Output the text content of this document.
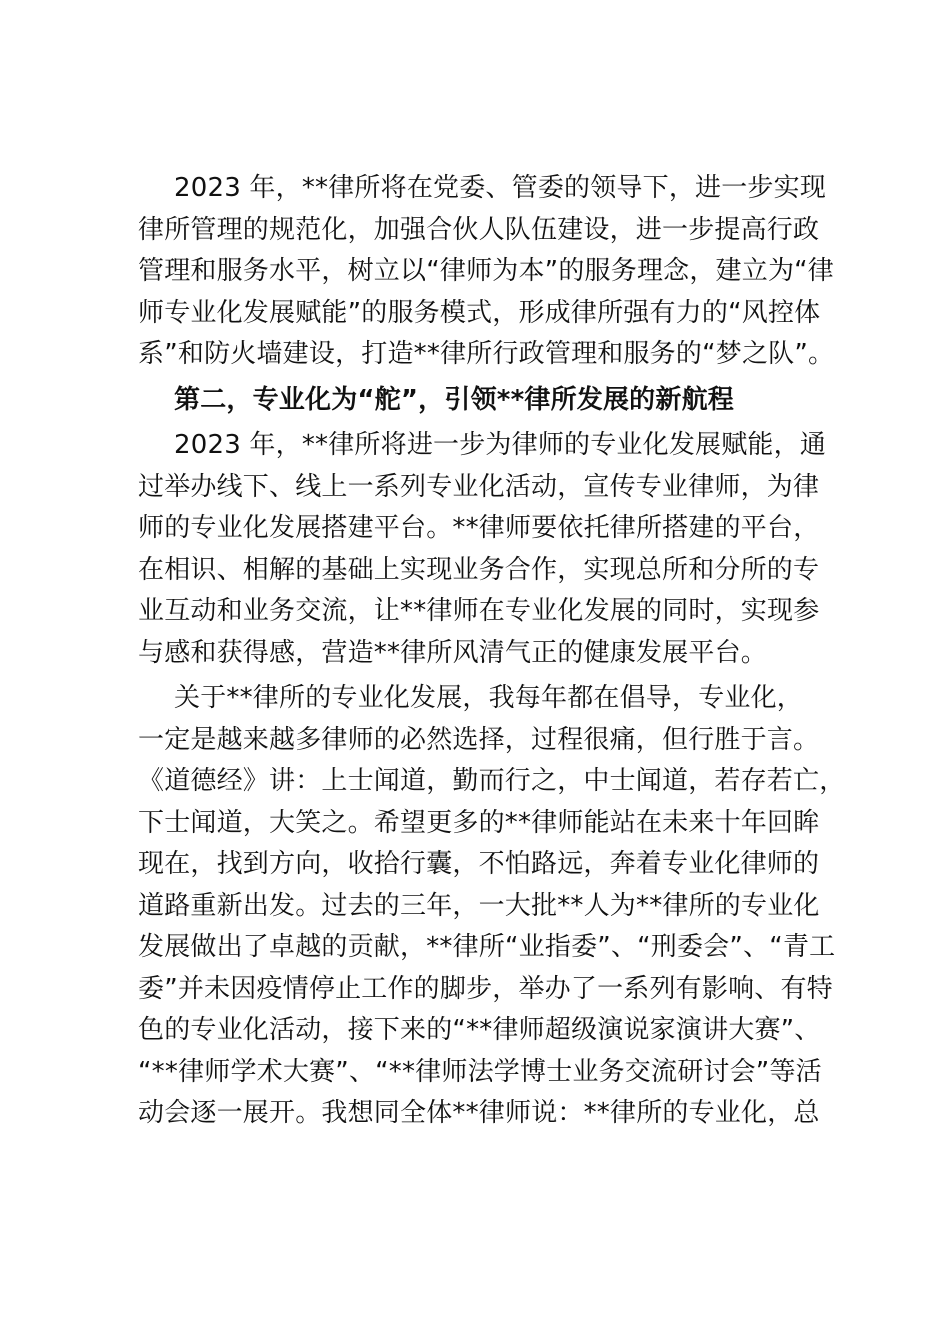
2023 年，**律所将在党委、管委的领导下，进一步实现
律所管理的规范化，加强合伙人队伍建设，进一步提高行政
管理和服务水平，树立以“律师为本”的服务理念，建立为“律
师专业化发展赋能”的服务模式，形成律所强有力的“风控体
系”和防火墙建设，打造**律所行政管理和服务的“梦之队”。
第二，专业化为“舵”，引领**律所发展的新航程
2023 年，**律所将进一步为律师的专业化发展赋能，通
过举办线下、线上一系列专业化活动，宣传专业律师，为律
师的专业化发展搭建平台。**律师要依托律所搭建的平台，
在相识、相解的基础上实现业务合作，实现总所和分所的专
业互动和业务交流，让**律师在专业化发展的同时，实现参
与感和获得感，营造**律所风清气正的健康发展平台。
关于**律所的专业化发展，我每年都在倡导，专业化，
一定是越来越多律师的必然选择，过程很痛，但行胜于言。
《道德经》讲：上士闻道，勤而行之，中士闻道，若存若亡，
下士闻道，大笑之。希望更多的**律师能站在未来十年回眸
现在，找到方向，收拾行囊，不怕路远，奔着专业化律师的
道路重新出发。过去的三年，一大批**人为**律所的专业化
发展做出了卓越的贡献，**律所“业指委”、“刑委会”、“青工
委”并未因疫情停止工作的脚步，举办了一系列有影响、有特
色的专业化活动，接下来的“**律师超级演说家演讲大赛”、
“**律师学术大赛”、“**律师法学博士业务交流研讨会”等活
动会逐一展开。我想同全体**律师说：**律所的专业化，总
